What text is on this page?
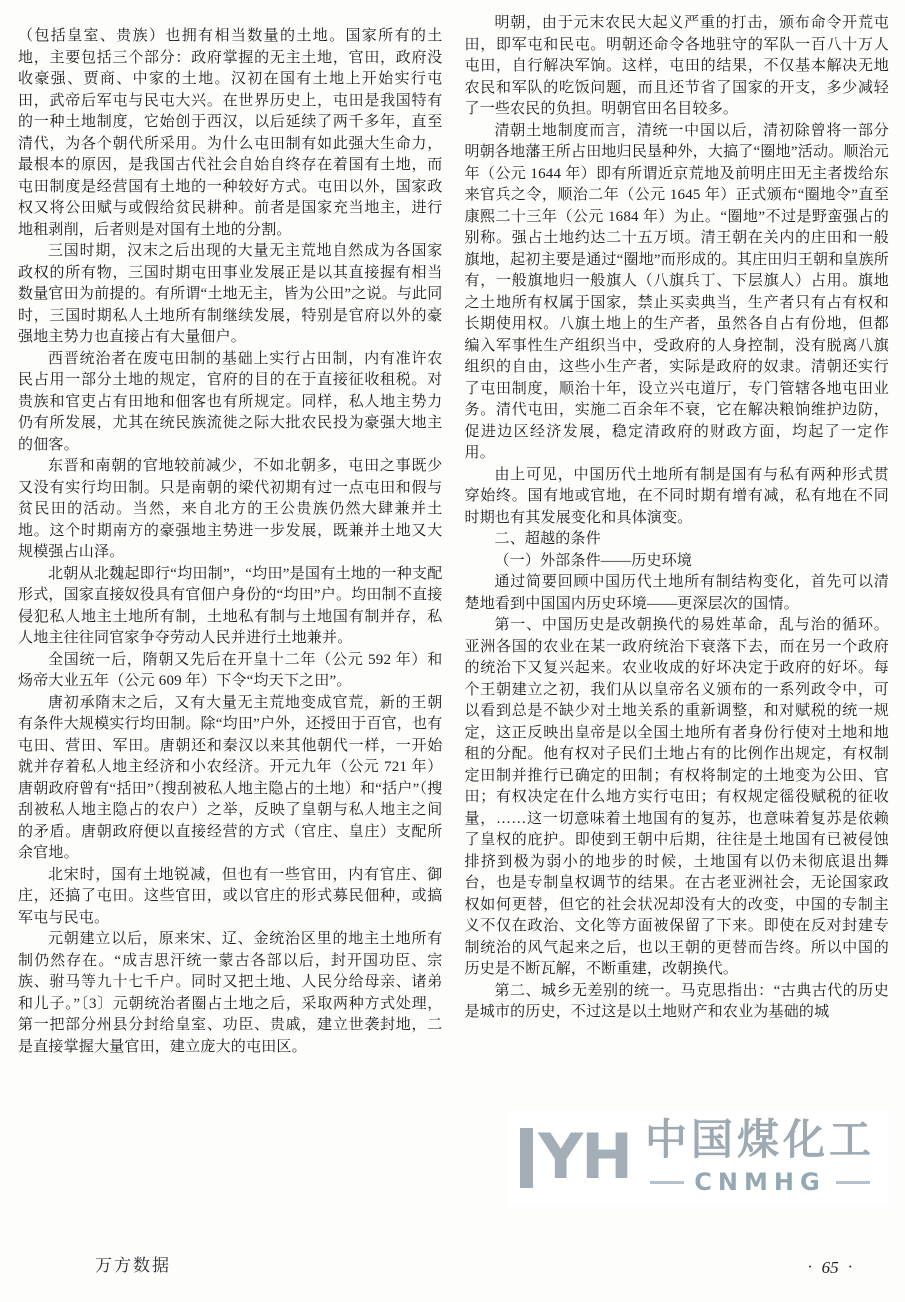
（包括皇室、贵族）也拥有相当数量的土地。国家所有的土地，主要包括三个部分：政府掌握的无主土地，官田，政府没收豪强、贾商、中家的土地。汉初在国有土地上开始实行屯田，武帝后军屯与民屯大兴。在世界历史上，屯田是我国特有的一种土地制度，它始创于西汉，以后延续了两千多年，直至清代，为各个朝代所采用。为什么屯田制有如此强大生命力，最根本的原因，是我国古代社会自始自终存在着国有土地，而屯田制度是经营国有土地的一种较好方式。屯田以外，国家政权又将公田赋与或假给贫民耕种。前者是国家充当地主，进行地租剥削，后者则是对国有土地的分割。

三国时期，汉末之后出现的大量无主荒地自然成为各国家政权的所有物，三国时期屯田事业发展正是以其直接握有相当数量官田为前提的。有所谓“土地无主，皆为公田”之说。与此同时，三国时期私人土地所有制继续发展，特别是官府以外的豪强地主势力也直接占有大量佃户。

西晋统治者在废屯田制的基础上实行占田制，内有准许农民占用一部分土地的规定，官府的目的在于直接征收租税。对贵族和官吏占有田地和佃客也有所规定。同样，私人地主势力仍有所发展，尤其在统民族流徙之际大批农民投为豪强大地主的佃客。

东晋和南朝的官地较前减少，不如北朝多，屯田之事既少又没有实行均田制。只是南朝的梁代初期有过一点屯田和假与贫民田的活动。当然，来自北方的王公贵族仍然大肆兼并土地。这个时期南方的豪强地主势进一步发展，既兼并土地又大规模强占山泽。

北朝从北魏起即行“均田制”，“均田”是国有土地的一种支配形式，国家直接奴役具有官佃户身份的“均田”户。均田制不直接侵犯私人地主土地所有制，土地私有制与土地国有制并存，私人地主往往同官家争夺劳动人民并进行土地兼并。

全国统一后，隋朝又先后在开皇十二年（公元 592 年）和炀帝大业五年（公元 609 年）下令“均天下之田”。

唐初承隋末之后，又有大量无主荒地变成官荒，新的王朝有条件大规模实行均田制。除“均田”户外，还授田于百官，也有屯田、营田、军田。唐朝还和秦汉以来其他朝代一样，一开始就并存着私人地主经济和小农经济。开元九年（公元 721 年）唐朝政府曾有“括田”（搜刮被私人地主隐占的土地）和“括户”（搜刮被私人地主隐占的农户）之举，反映了皇朝与私人地主之间的矛盾。唐朝政府便以直接经营的方式（官庄、皇庄）支配所余官地。

北宋时，国有土地锐减，但也有一些官田，内有官庄、御庄，还搞了屯田。这些官田，或以官庄的形式募民佃种，或搞军屯与民屯。

元朝建立以后，原来宋、辽、金统治区里的地主土地所有制仍然存在。“成吉思汗统一蒙古各部以后，封开国功臣、宗族、驸马等九十七千户。同时又把土地、人民分给母亲、诸弟和儿子。”〔3〕元朝统治者圈占土地之后，采取两种方式处理，第一把部分州县分封给皇室、功臣、贵戚，建立世袭封地，二是直接掌握大量官田，建立庞大的屯田区。

明朝，由于元末农民大起义严重的打击，颁布命令开荒屯田，即军屯和民屯。明朝还命令各地驻守的军队一百八十万人屯田，自行解决军饷。这样，屯田的结果，不仅基本解决无地农民和军队的吃饭问题，而且还节省了国家的开支，多少减轻了一些农民的负担。明朝官田名目较多。

清朝土地制度而言，清统一中国以后，清初除曾将一部分明朝各地藩王所占田地归民垦种外，大搞了“圈地”活动。顺治元年（公元 1644 年）即有所谓近京荒地及前明庄田无主者拨给东来官兵之令，顺治二年（公元 1645 年）正式颁布“圈地令”直至康熙二十三年（公元 1684 年）为止。“圈地”不过是野蛮强占的别称。强占土地约达二十五万顷。清王朝在关内的庄田和一般旗地，起初主要是通过“圈地”而形成的。其庄田归王朝和皇族所有，一般旗地归一般旗人（八旗兵丁、下层旗人）占用。旗地之土地所有权属于国家，禁止买卖典当，生产者只有占有权和长期使用权。八旗土地上的生产者，虽然各自占有份地，但都编入军事性生产组织当中，受政府的人身控制，没有脱离八旗组织的自由，这些小生产者，实际是政府的奴隶。清朝还实行了屯田制度，顺治十年，设立兴屯道厅，专门管辖各地屯田业务。清代屯田，实施二百余年不衰，它在解决粮饷维护边防，促进边区经济发展，稳定清政府的财政方面，均起了一定作用。

由上可见，中国历代土地所有制是国有与私有两种形式贯穿始终。国有地或官地，在不同时期有增有减，私有地在不同时期也有其发展变化和具体演变。

二、超越的条件

（一）外部条件——历史环境

通过简要回顾中国历代土地所有制结构变化，首先可以清楚地看到中国国内历史环境——更深层次的国情。

第一、中国历史是改朝换代的易姓革命，乱与治的循环。亚洲各国的农业在某一政府统治下衰落下去，而在另一个政府的统治下又复兴起来。农业收成的好坏决定于政府的好坏。每个王朝建立之初，我们从以皇帝名义颁布的一系列政令中，可以看到总是不缺少对土地关系的重新调整，和对赋税的统一规定，这正反映出皇帝是以全国土地所有者身份行使对土地和地租的分配。他有权对子民们土地占有的比例作出规定，有权制定田制并推行已确定的田制；有权将制定的土地变为公田、官田；有权决定在什么地方实行屯田；有权规定徭役赋税的征收量，……这一切意味着土地国有的复苏，也意味着复苏是依赖了皇权的庇护。即使到王朝中后期，往往是土地国有已被侵蚀排挤到极为弱小的地步的时候，土地国有以仍未彻底退出舞台，也是专制皇权调节的结果。在古老亚洲社会，无论国家政权如何更替，但它的社会状况却没有大的改变，中国的专制主义不仅在政治、文化等方面被保留了下来。即使在反对封建专制统治的风气起来之后，也以王朝的更替而告终。所以中国的历史是不断瓦解，不断重建，改朝换代。

第二、城乡无差别的统一。马克思指出：“古典古代的历史是城市的历史，不过这是以土地财产和农业为基础的城

YH 中国煤化工
CNMHG
万方数据	· 65 ·
